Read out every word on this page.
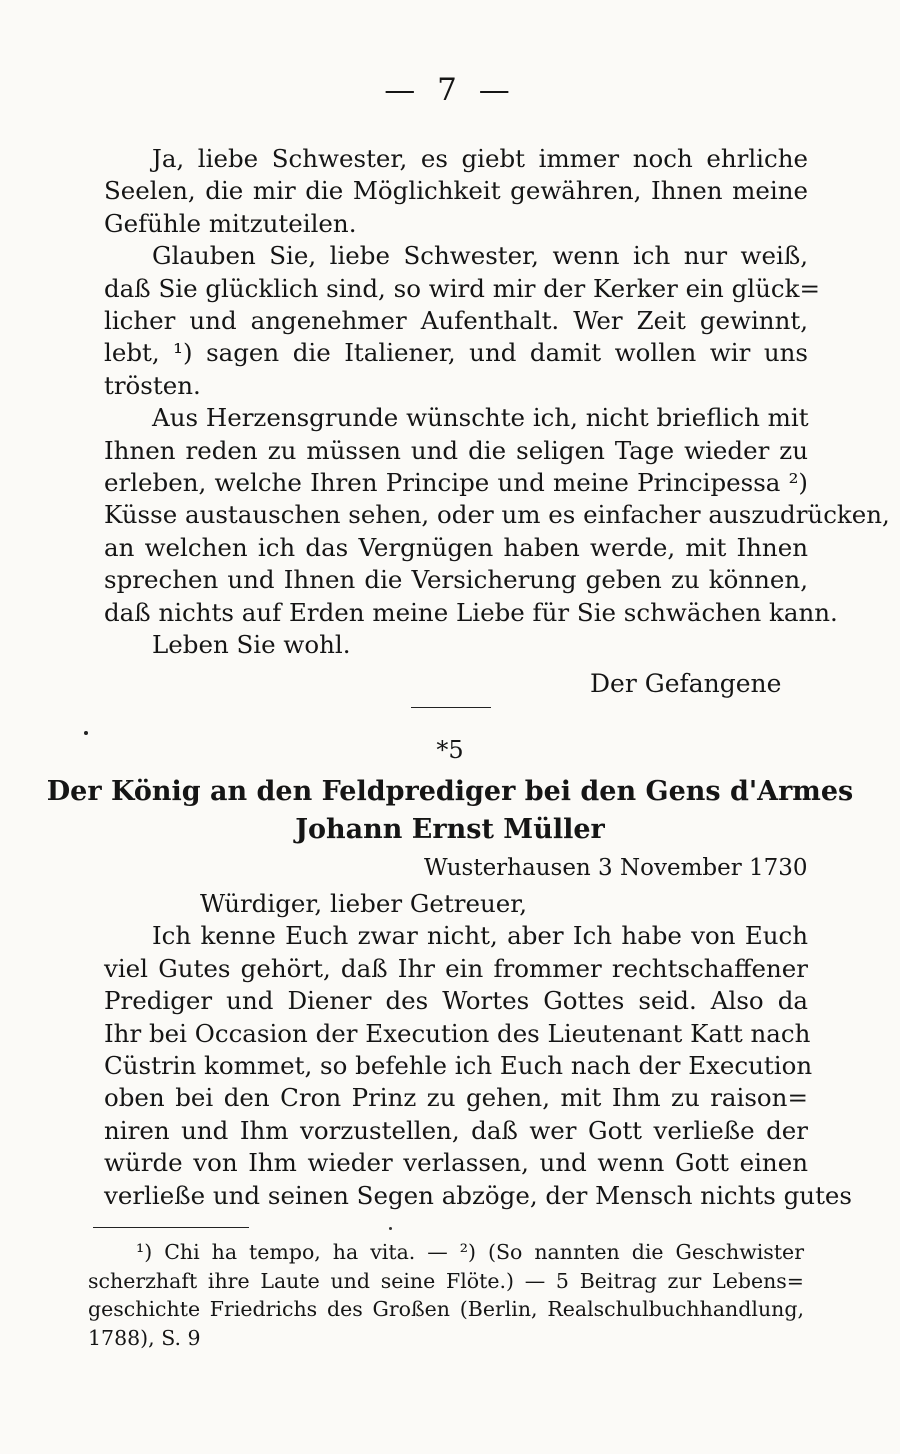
— 7 —
Ja, liebe Schwester, es giebt immer noch ehrliche
Seelen, die mir die Möglichkeit gewähren, Ihnen meine
Gefühle mitzuteilen.
Glauben Sie, liebe Schwester, wenn ich nur weiß,
daß Sie glücklich sind, so wird mir der Kerker ein glück=
licher und angenehmer Aufenthalt. Wer Zeit gewinnt,
lebt, ¹) sagen die Italiener, und damit wollen wir uns
trösten.
Aus Herzensgrunde wünschte ich, nicht brieflich mit
Ihnen reden zu müssen und die seligen Tage wieder zu
erleben, welche Ihren Principe und meine Principessa ²)
Küsse austauschen sehen, oder um es einfacher auszudrücken,
an welchen ich das Vergnügen haben werde, mit Ihnen
sprechen und Ihnen die Versicherung geben zu können,
daß nichts auf Erden meine Liebe für Sie schwächen kann.
Leben Sie wohl.
Der Gefangene
*5
Der König an den Feldprediger bei den Gens d'Armes
Johann Ernst Müller
Wusterhausen 3 November 1730
Würdiger, lieber Getreuer,
Ich kenne Euch zwar nicht, aber Ich habe von Euch
viel Gutes gehört, daß Ihr ein frommer rechtschaffener
Prediger und Diener des Wortes Gottes seid. Also da
Ihr bei Occasion der Execution des Lieutenant Katt nach
Cüstrin kommet, so befehle ich Euch nach der Execution
oben bei den Cron Prinz zu gehen, mit Ihm zu raison=
niren und Ihm vorzustellen, daß wer Gott verließe der
würde von Ihm wieder verlassen, und wenn Gott einen
verließe und seinen Segen abzöge, der Mensch nichts gutes
¹) Chi ha tempo, ha vita. — ²) (So nannten die Geschwister
scherzhaft ihre Laute und seine Flöte.) — 5 Beitrag zur Lebens=
geschichte Friedrichs des Großen (Berlin, Realschulbuchhandlung,
1788), S. 9
